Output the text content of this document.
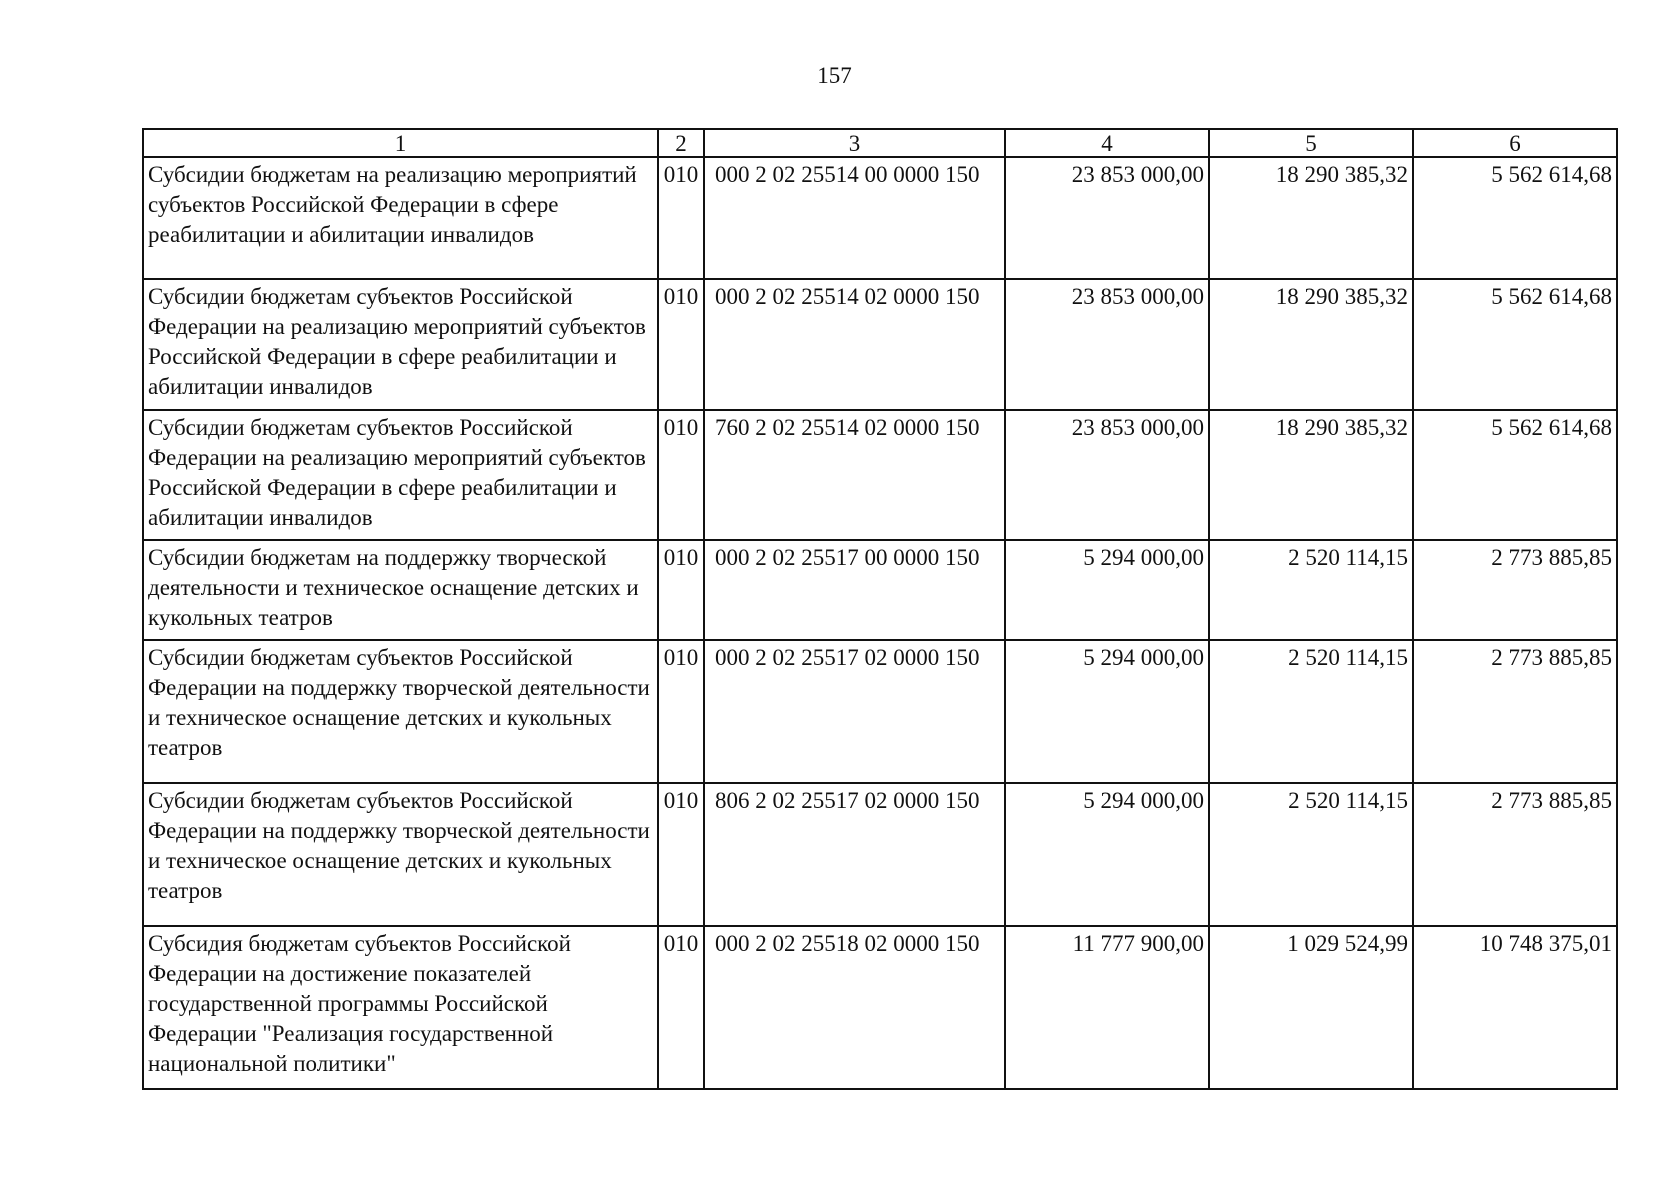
157
1	2	3	4	5	6
Субсидии бюджетам на реализацию мероприятий субъектов Российской Федерации в сфере реабилитации и абилитации инвалидов	010	000 2 02 25514 00 0000 150	23 853 000,00	18 290 385,32	5 562 614,68
Субсидии бюджетам субъектов Российской Федерации на реализацию мероприятий субъектов Российской Федерации в сфере реабилитации и абилитации инвалидов	010	000 2 02 25514 02 0000 150	23 853 000,00	18 290 385,32	5 562 614,68
Субсидии бюджетам субъектов Российской Федерации на реализацию мероприятий субъектов Российской Федерации в сфере реабилитации и абилитации инвалидов	010	760 2 02 25514 02 0000 150	23 853 000,00	18 290 385,32	5 562 614,68
Субсидии бюджетам на поддержку творческой деятельности и техническое оснащение детских и кукольных театров	010	000 2 02 25517 00 0000 150	5 294 000,00	2 520 114,15	2 773 885,85
Субсидии бюджетам субъектов Российской Федерации на поддержку творческой деятельности и техническое оснащение детских и кукольных театров	010	000 2 02 25517 02 0000 150	5 294 000,00	2 520 114,15	2 773 885,85
Субсидии бюджетам субъектов Российской Федерации на поддержку творческой деятельности и техническое оснащение детских и кукольных театров	010	806 2 02 25517 02 0000 150	5 294 000,00	2 520 114,15	2 773 885,85
Субсидия бюджетам субъектов Российской Федерации на достижение показателей государственной программы Российской Федерации "Реализация государственной национальной политики"	010	000 2 02 25518 02 0000 150	11 777 900,00	1 029 524,99	10 748 375,01
